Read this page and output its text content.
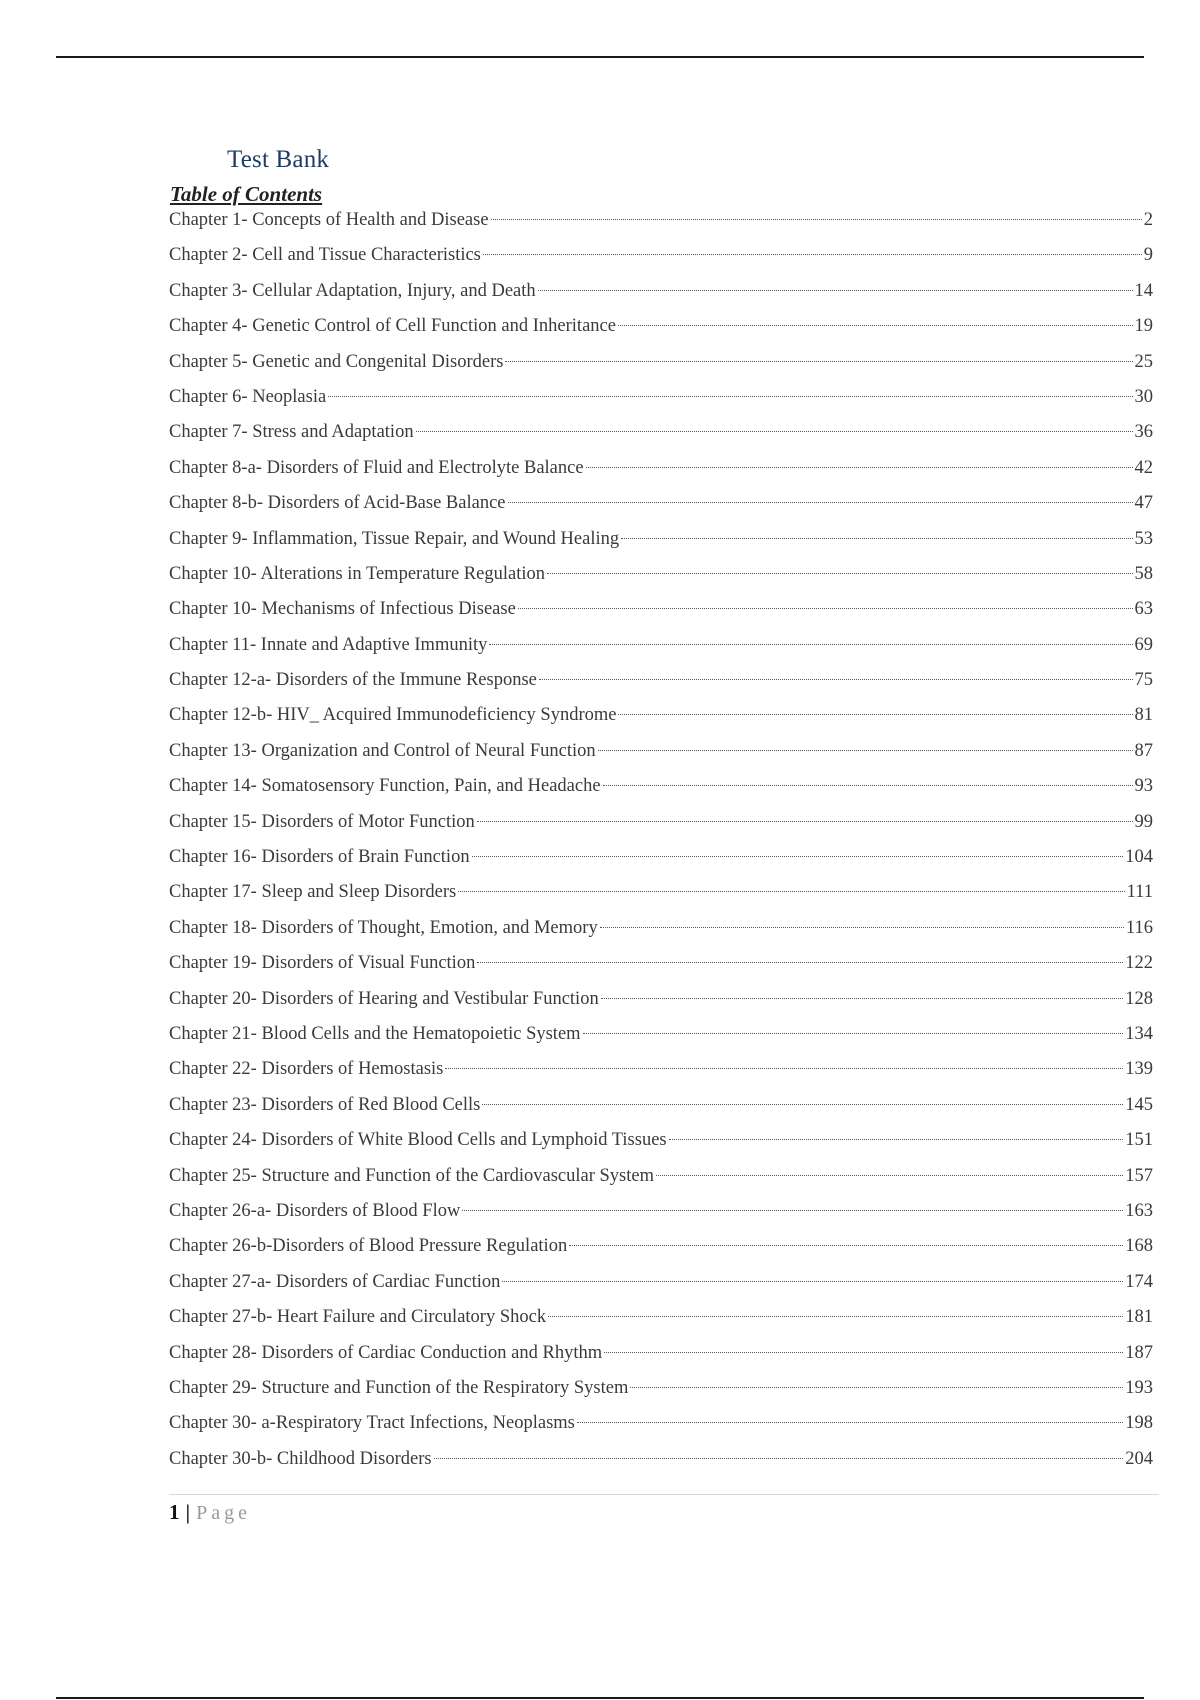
Test Bank
Table of Contents
Chapter 1- Concepts of Health and Disease	2
Chapter 2- Cell and Tissue Characteristics	9
Chapter 3- Cellular Adaptation, Injury, and Death	14
Chapter 4- Genetic Control of Cell Function and Inheritance	19
Chapter 5- Genetic and Congenital Disorders	25
Chapter 6- Neoplasia	30
Chapter 7- Stress and Adaptation	36
Chapter 8-a- Disorders of Fluid and Electrolyte Balance	42
Chapter 8-b- Disorders of Acid-Base Balance	47
Chapter 9- Inflammation, Tissue Repair, and Wound Healing	53
Chapter 10- Alterations in Temperature Regulation	58
Chapter 10- Mechanisms of Infectious Disease	63
Chapter 11- Innate and Adaptive Immunity	69
Chapter 12-a- Disorders of the Immune Response	75
Chapter 12-b- HIV_ Acquired Immunodeficiency Syndrome	81
Chapter 13- Organization and Control of Neural Function	87
Chapter 14- Somatosensory Function, Pain, and Headache	93
Chapter 15- Disorders of Motor Function	99
Chapter 16- Disorders of Brain Function	104
Chapter 17- Sleep and Sleep Disorders	111
Chapter 18- Disorders of Thought, Emotion, and Memory	116
Chapter 19- Disorders of Visual Function	122
Chapter 20- Disorders of Hearing and Vestibular Function	128
Chapter 21- Blood Cells and the Hematopoietic System	134
Chapter 22- Disorders of Hemostasis	139
Chapter 23- Disorders of Red Blood Cells	145
Chapter 24- Disorders of White Blood Cells and Lymphoid Tissues	151
Chapter 25- Structure and Function of the Cardiovascular System	157
Chapter 26-a- Disorders of Blood Flow	163
Chapter 26-b-Disorders of Blood Pressure Regulation	168
Chapter 27-a- Disorders of Cardiac Function	174
Chapter 27-b- Heart Failure and Circulatory Shock	181
Chapter 28- Disorders of Cardiac Conduction and Rhythm	187
Chapter 29- Structure and Function of the Respiratory System	193
Chapter 30- a-Respiratory Tract Infections, Neoplasms	198
Chapter 30-b- Childhood Disorders	204
1 | Page
